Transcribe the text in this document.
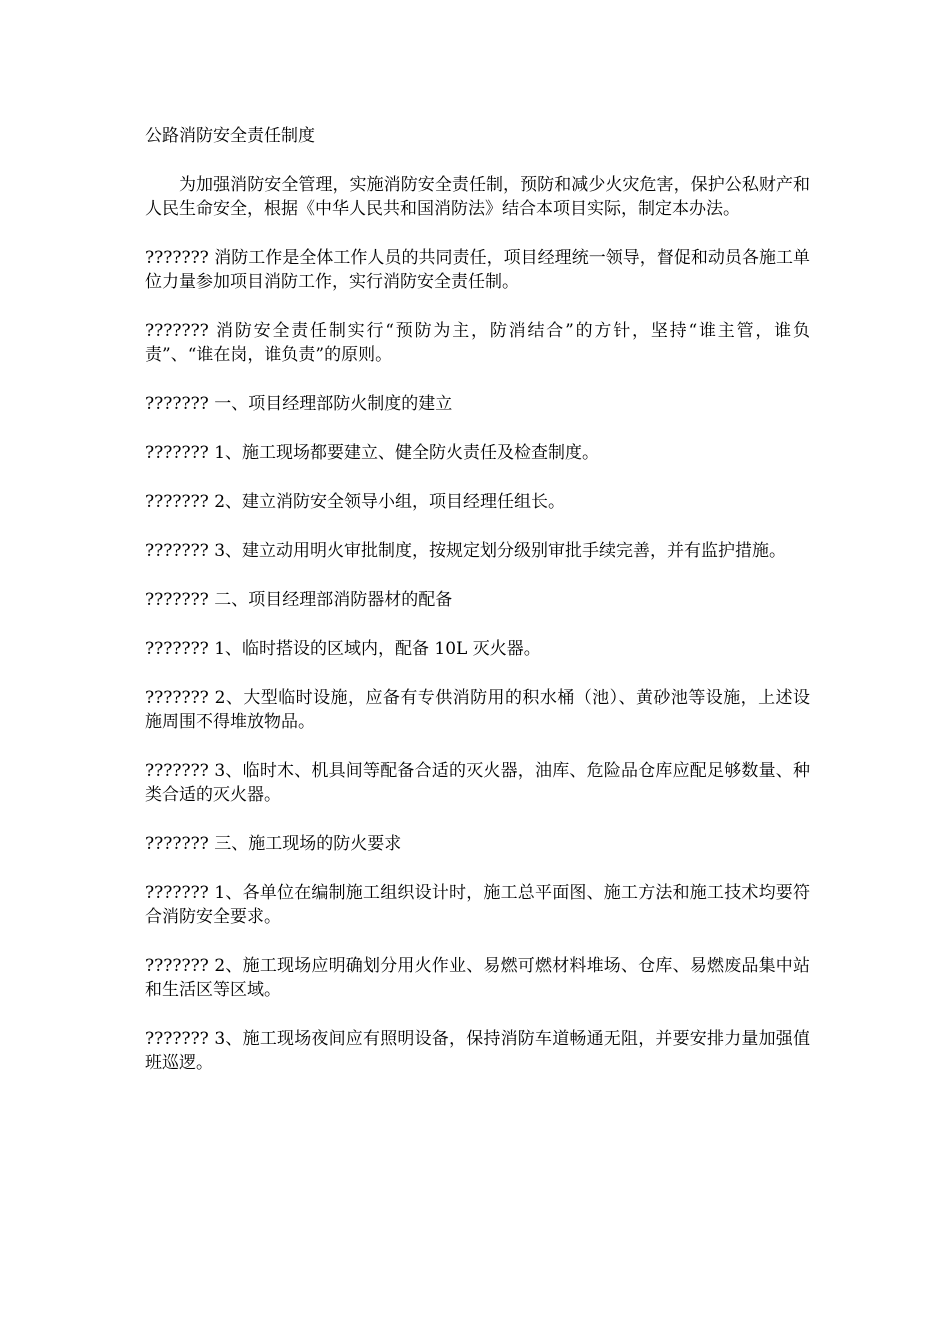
公路消防安全责任制度
为加强消防安全管理，实施消防安全责任制，预防和减少火灾危害，保护公私财产和人民生命安全，根据《中华人民共和国消防法》结合本项目实际，制定本办法。
??????? 消防工作是全体工作人员的共同责任，项目经理统一领导，督促和动员各施工单位力量参加项目消防工作，实行消防安全责任制。
??????? 消防安全责任制实行“预防为主，防消结合”的方针，坚持“谁主管，谁负责”、“谁在岗，谁负责”的原则。
??????? 一、项目经理部防火制度的建立
??????? 1、施工现场都要建立、健全防火责任及检查制度。
??????? 2、建立消防安全领导小组，项目经理任组长。
??????? 3、建立动用明火审批制度，按规定划分级别审批手续完善，并有监护措施。
??????? 二、项目经理部消防器材的配备
??????? 1、临时搭设的区域内，配备 10L 灭火器。
??????? 2、大型临时设施，应备有专供消防用的积水桶（池）、黄砂池等设施，上述设施周围不得堆放物品。
??????? 3、临时木、机具间等配备合适的灭火器，油库、危险品仓库应配足够数量、种类合适的灭火器。
??????? 三、施工现场的防火要求
??????? 1、各单位在编制施工组织设计时，施工总平面图、施工方法和施工技术均要符合消防安全要求。
??????? 2、施工现场应明确划分用火作业、易燃可燃材料堆场、仓库、易燃废品集中站和生活区等区域。
??????? 3、施工现场夜间应有照明设备，保持消防车道畅通无阻，并要安排力量加强值班巡逻。
